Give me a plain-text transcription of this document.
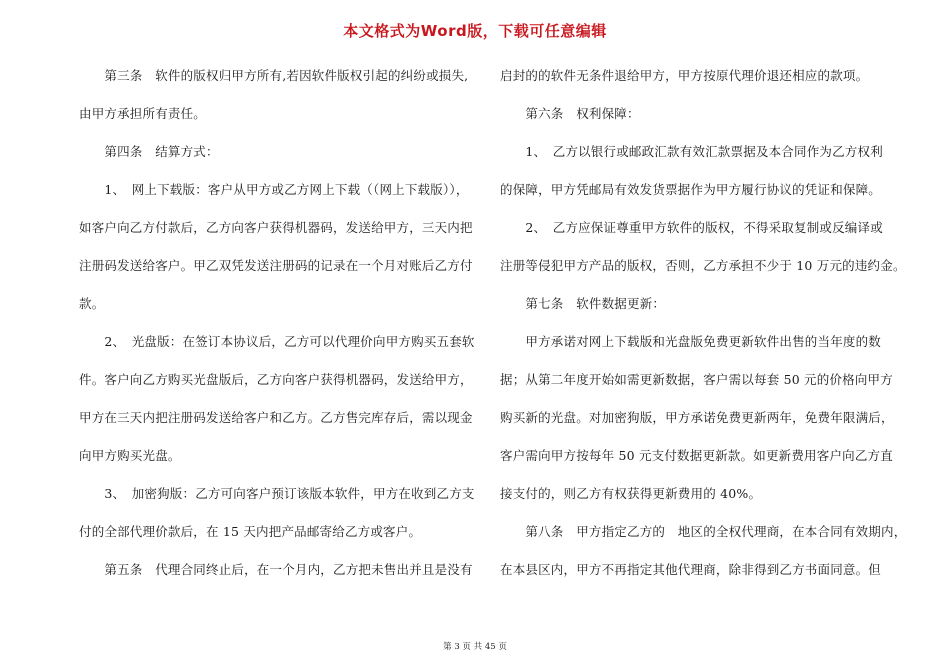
本文格式为Word版，下载可任意编辑
　　第三条　软件的版权归甲方所有,若因软件版权引起的纠纷或损失,
由甲方承担所有责任。
　　第四条　结算方式：
　　1、　网上下载版：客户从甲方或乙方网上下载（（网上下载版）），
如客户向乙方付款后，乙方向客户获得机器码，发送给甲方，三天内把
注册码发送给客户。甲乙双凭发送注册码的记录在一个月对账后乙方付
款。
　　2、　光盘版：在签订本协议后，乙方可以代理价向甲方购买五套软
件。客户向乙方购买光盘版后，乙方向客户获得机器码，发送给甲方，
甲方在三天内把注册码发送给客户和乙方。乙方售完库存后，需以现金
向甲方购买光盘。
　　3、　加密狗版：乙方可向客户预订该版本软件，甲方在收到乙方支
付的全部代理价款后，在 15 天内把产品邮寄给乙方或客户。
　　第五条　代理合同终止后，在一个月内，乙方把未售出并且是没有
启封的的软件无条件退给甲方，甲方按原代理价退还相应的款项。
　　第六条　权利保障：
　　1、　乙方以银行或邮政汇款有效汇款票据及本合同作为乙方权利
的保障，甲方凭邮局有效发货票据作为甲方履行协议的凭证和保障。
　　2、　乙方应保证尊重甲方软件的版权，不得采取复制或反编译或
注册等侵犯甲方产品的版权，否则，乙方承担不少于 10 万元的违约金。
　　第七条　软件数据更新：
　　甲方承诺对网上下载版和光盘版免费更新软件出售的当年度的数
据；从第二年度开始如需更新数据，客户需以每套 50 元的价格向甲方
购买新的光盘。对加密狗版，甲方承诺免费更新两年，免费年限满后，
客户需向甲方按每年 50 元支付数据更新款。如更新费用客户向乙方直
接支付的，则乙方有权获得更新费用的 40%。
　　第八条　甲方指定乙方的　地区的全权代理商，在本合同有效期内，
在本县区内，甲方不再指定其他代理商，除非得到乙方书面同意。但
第 3 页 共 45 页
